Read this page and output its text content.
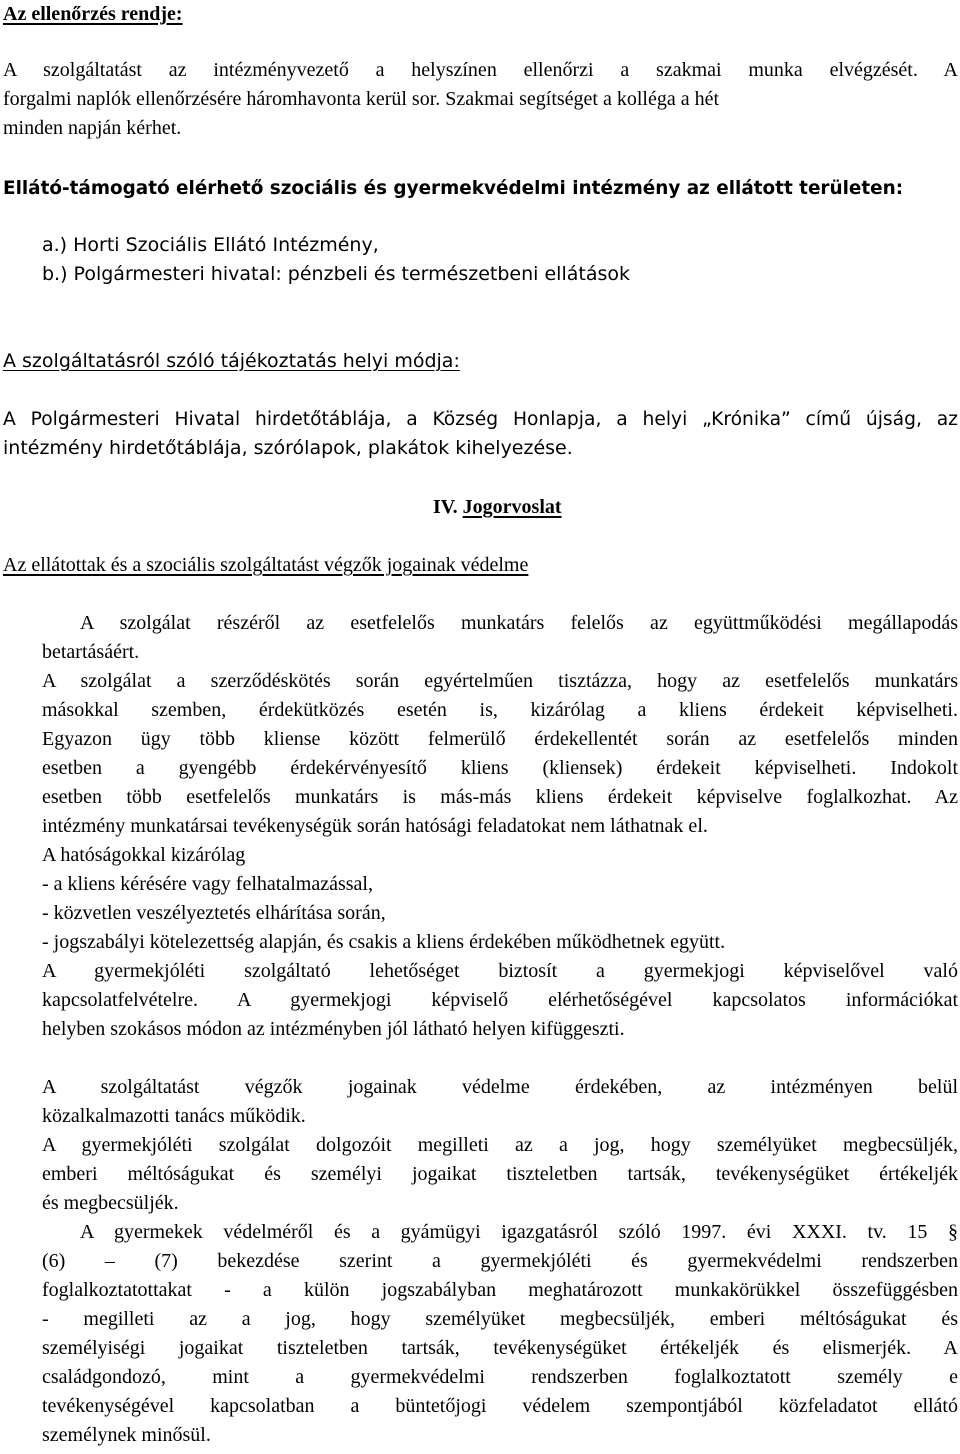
Az ellenőrzés rendje:
A szolgáltatást az intézményvezető a helyszínen ellenőrzi a szakmai munka elvégzését. A
forgalmi naplók ellenőrzésére háromhavonta kerül sor. Szakmai segítséget a kolléga a hét
minden napján kérhet.
Ellátó-támogató elérhető szociális és gyermekvédelmi intézmény az ellátott területen:
a.) Horti Szociális Ellátó Intézmény,
b.) Polgármesteri hivatal: pénzbeli és természetbeni ellátások
A szolgáltatásról szóló tájékoztatás helyi módja:
A Polgármesteri Hivatal hirdetőtáblája, a Község Honlapja, a helyi „Krónika” című újság, az
intézmény hirdetőtáblája, szórólapok, plakátok kihelyezése.
IV. Jogorvoslat
Az ellátottak és a szociális szolgáltatást végzők jogainak védelme
A szolgálat részéről az esetfelelős munkatárs felelős az együttműködési megállapodás
betartásáért.
A szolgálat a szerződéskötés során egyértelműen tisztázza, hogy az esetfelelős munkatárs
másokkal szemben, érdekütközés esetén is, kizárólag a kliens érdekeit képviselheti.
Egyazon ügy több kliense között felmerülő érdekellentét során az esetfelelős minden
esetben a gyengébb érdekérvényesítő kliens (kliensek) érdekeit képviselheti. Indokolt
esetben több esetfelelős munkatárs is más-más kliens érdekeit képviselve foglalkozhat. Az
intézmény munkatársai tevékenységük során hatósági feladatokat nem láthatnak el.
A hatóságokkal kizárólag
- a kliens kérésére vagy felhatalmazással,
- közvetlen veszélyeztetés elhárítása során,
- jogszabályi kötelezettség alapján, és csakis a kliens érdekében működhetnek együtt.
A gyermekjóléti szolgáltató lehetőséget biztosít a gyermekjogi képviselővel való
kapcsolatfelvételre. A gyermekjogi képviselő elérhetőségével kapcsolatos információkat
helyben szokásos módon az intézményben jól látható helyen kifüggeszti.
A szolgáltatást végzők jogainak védelme érdekében, az intézményen belül
közalkalmazotti tanács működik.
A gyermekjóléti szolgálat dolgozóit megilleti az a jog, hogy személyüket megbecsüljék,
emberi méltóságukat és személyi jogaikat tiszteletben tartsák, tevékenységüket értékeljék
és megbecsüljék.
A gyermekek védelméről és a gyámügyi igazgatásról szóló 1997. évi XXXI. tv. 15 §
(6) – (7) bekezdése szerint a gyermekjóléti és gyermekvédelmi rendszerben
foglalkoztatottakat - a külön jogszabályban meghatározott munkakörükkel összefüggésben
- megilleti az a jog, hogy személyüket megbecsüljék, emberi méltóságukat és
személyiségi jogaikat tiszteletben tartsák, tevékenységüket értékeljék és elismerjék. A
családgondozó, mint a gyermekvédelmi rendszerben foglalkoztatott személy e
tevékenységével kapcsolatban a büntetőjogi védelem szempontjából közfeladatot ellátó
személynek minősül.
